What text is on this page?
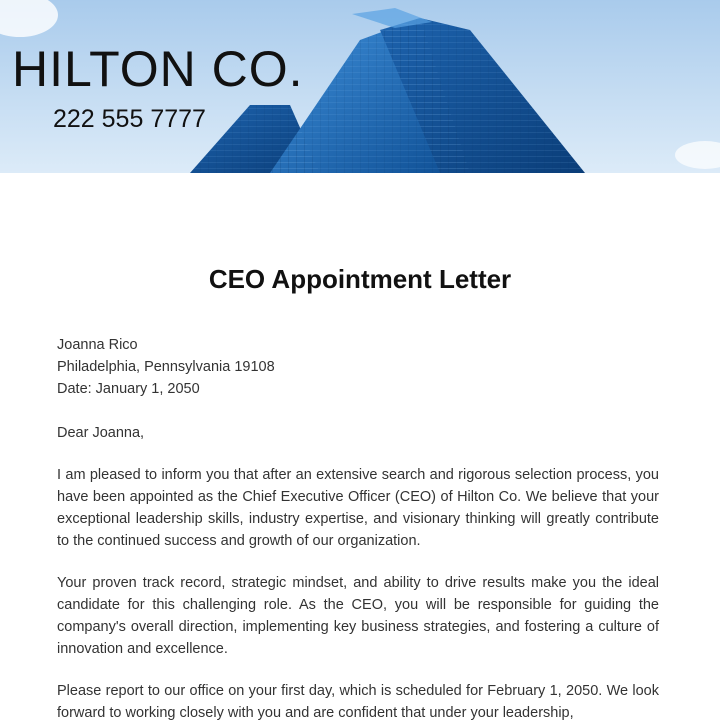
HILTON CO.
222 555 7777
CEO Appointment Letter
Joanna Rico
Philadelphia, Pennsylvania 19108
Date: January 1, 2050
Dear Joanna,

I am pleased to inform you that after an extensive search and rigorous selection process, you have been appointed as the Chief Executive Officer (CEO) of Hilton Co. We believe that your exceptional leadership skills, industry expertise, and visionary thinking will greatly contribute to the continued success and growth of our organization.

Your proven track record, strategic mindset, and ability to drive results make you the ideal candidate for this challenging role. As the CEO, you will be responsible for guiding the company's overall direction, implementing key business strategies, and fostering a culture of innovation and excellence.

Please report to our office on your first day, which is scheduled for February 1, 2050. We look forward to working closely with you and are confident that under your leadership,
